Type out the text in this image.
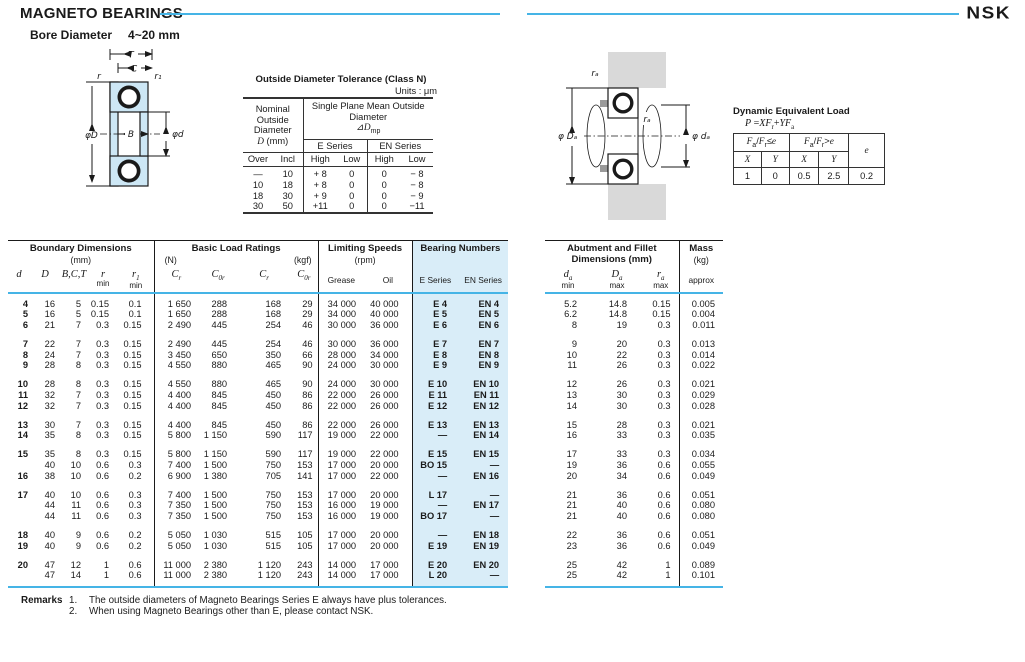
MAGNETO BEARINGS	NSK
Bore Diameter 4~20 mm
T
C
r	r₁
B
φD	φd
rₐ
rₐ
φ Dₐ	φ dₐ
Outside Diameter Tolerance (Class N)
Units : μm
Nominal
Outside
Diameter
D (mm)		Single Plane Mean Outside
Diameter
$⊿D_{mp}$
		E Series		EN Series	
Over	Incl	High	Low	High	Low
—	10	+ 8	0	0	− 8
10	18	+ 8	0	0	− 8
18	30	+ 9	0	0	− 9
30	50	+11	0	0	−11
Dynamic Equivalent Load
$P =XF_r+YF_a$
$F_a/F_r\le e$		$F_a/F_r>e$		e
X	Y	X	Y	
1	0	0.5	2.5	0.2
Boundary Dimensions
(mm)					Basic Load Ratings
(N) (kgf)				Limiting Speeds
(rpm)		Bearing Numbers	
d	D	B,C,T	r
min	$r_1$
min	$C_r$	$C_{0r}$	$C_r$	$C_{0r}$	Grease	Oil	E Series	EN Series
4	16	5	0.15	0.1	1 650	288	168	29	34 000	40 000	E 4	EN 4
5	16	5	0.15	0.1	1 650	288	168	29	34 000	40 000	E 5	EN 5
6	21	7	0.3	0.15	2 490	445	254	46	30 000	36 000	E 6	EN 6
7	22	7	0.3	0.15	2 490	445	254	46	30 000	36 000	E 7	EN 7
8	24	7	0.3	0.15	3 450	650	350	66	28 000	34 000	E 8	EN 8
9	28	8	0.3	0.15	4 550	880	465	90	24 000	30 000	E 9	EN 9
10	28	8	0.3	0.15	4 550	880	465	90	24 000	30 000	E 10	EN 10
11	32	7	0.3	0.15	4 400	845	450	86	22 000	26 000	E 11	EN 11
12	32	7	0.3	0.15	4 400	845	450	86	22 000	26 000	E 12	EN 12
13	30	7	0.3	0.15	4 400	845	450	86	22 000	26 000	E 13	EN 13
14	35	8	0.3	0.15	5 800	1 150	590	117	19 000	22 000	—	EN 14
15	35	8	0.3	0.15	5 800	1 150	590	117	19 000	22 000	E 15	EN 15
	40	10	0.6	0.3	7 400	1 500	750	153	17 000	20 000	BO 15	—
16	38	10	0.6	0.2	6 900	1 380	705	141	17 000	22 000	—	EN 16
17	40	10	0.6	0.3	7 400	1 500	750	153	17 000	20 000	L 17	—
	44	11	0.6	0.3	7 350	1 500	750	153	16 000	19 000	—	EN 17
	44	11	0.6	0.3	7 350	1 500	750	153	16 000	19 000	BO 17	—
18	40	9	0.6	0.2	5 050	1 030	515	105	17 000	20 000	—	EN 18
19	40	9	0.6	0.2	5 050	1 030	515	105	17 000	20 000	E 19	EN 19
20	47	12	1	0.6	11 000	2 380	1 120	243	14 000	17 000	E 20	EN 20
	47	14	1	0.6	11 000	2 380	1 120	243	14 000	17 000	L 20	—
Abutment and Fillet
Dimensions (mm)			Mass
(kg)
$d_a$
min	$D_a$
max	$r_a$
max	approx
5.2	14.8	0.15	0.005
6.2	14.8	0.15	0.004
8	19	0.3	0.011
9	20	0.3	0.013
10	22	0.3	0.014
11	26	0.3	0.022
12	26	0.3	0.021
13	30	0.3	0.029
14	30	0.3	0.028
15	28	0.3	0.021
16	33	0.3	0.035
17	33	0.3	0.034
19	36	0.6	0.055
20	34	0.6	0.049
21	36	0.6	0.051
21	40	0.6	0.080
21	40	0.6	0.080
22	36	0.6	0.051
23	36	0.6	0.049
25	42	1	0.089
25	42	1	0.101
Remarks 1.	The outside diameters of Magneto Bearings Series E always have plus tolerances.
2.	When using Magneto Bearings other than E, please contact NSK.
